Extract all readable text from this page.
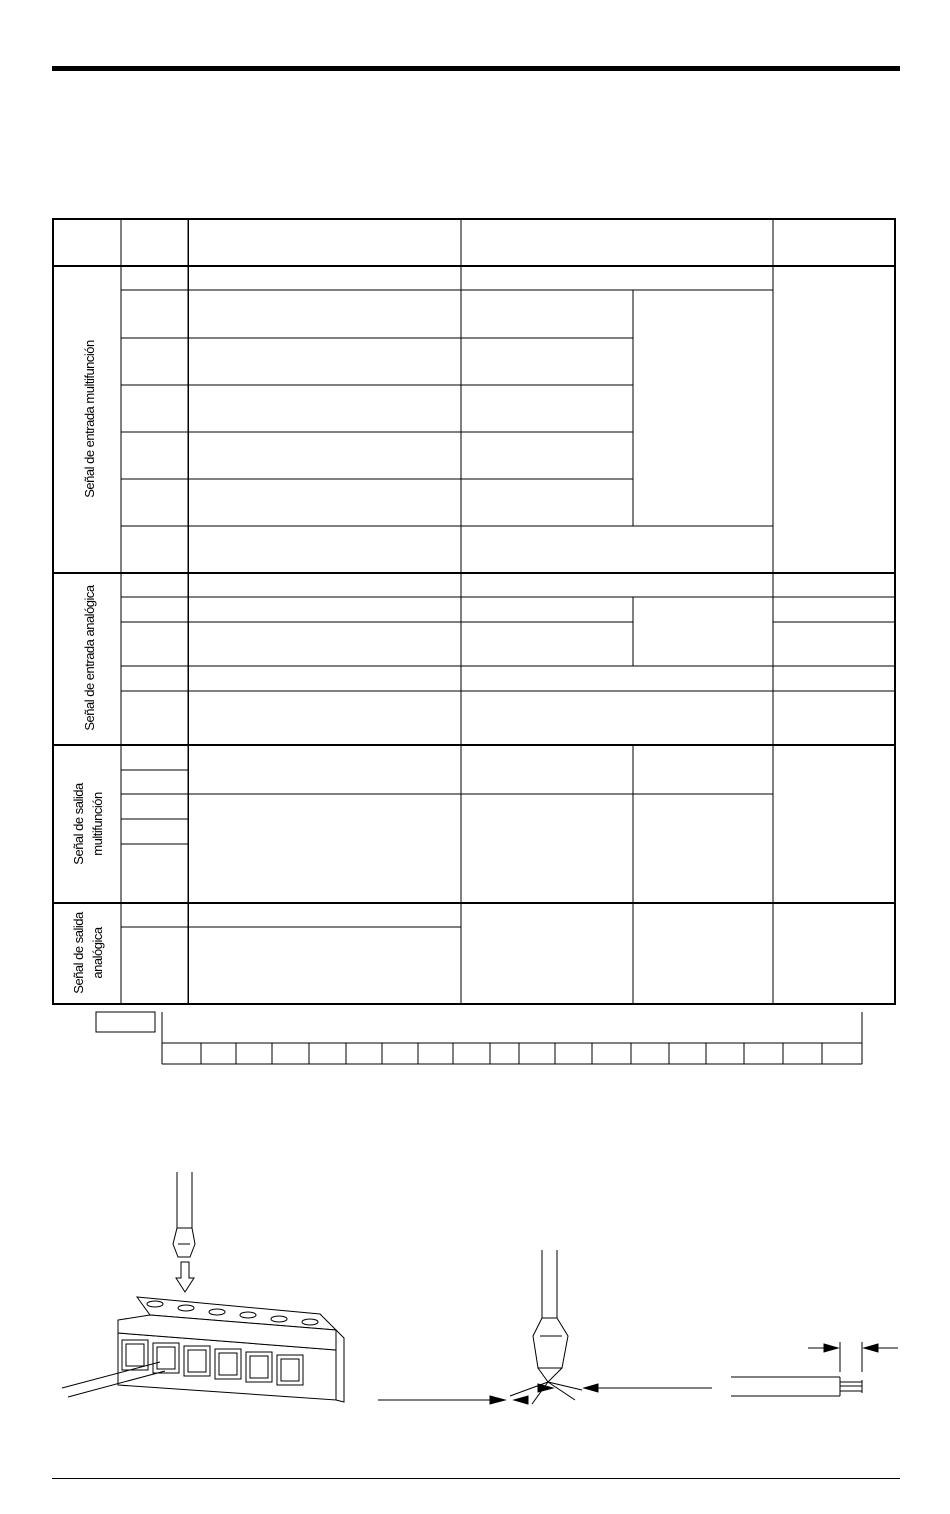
Señal de entrada multifunción
Señal de entrada analógica
Señal de salida multifunción
Señal de salida analógica
